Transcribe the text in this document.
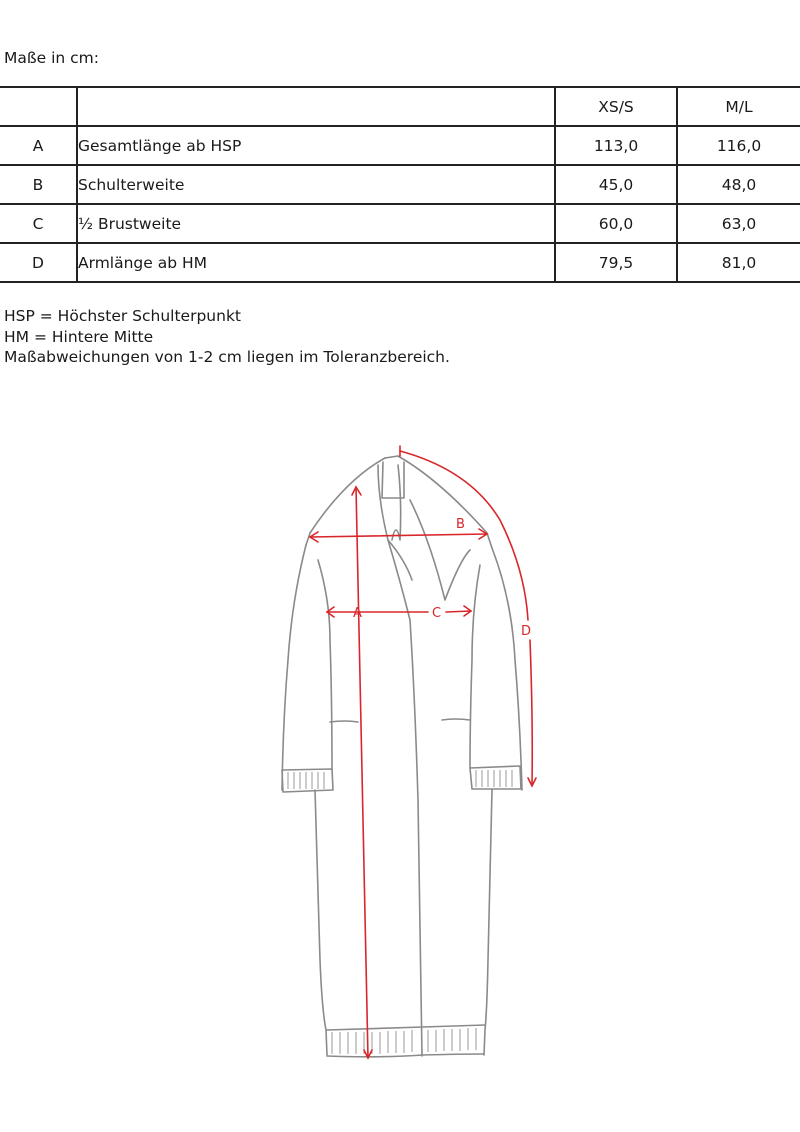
Maße in cm:
		XS/S	M/L
A	Gesamtlänge ab HSP	113,0	116,0
B	Schulterweite	45,0	48,0
C	½ Brustweite	60,0	63,0
D	Armlänge ab HM	79,5	81,0
HSP = Höchster Schulterpunkt
HM = Hintere Mitte
Maßabweichungen von 1-2 cm liegen im Toleranzbereich.
A
B
C
D
